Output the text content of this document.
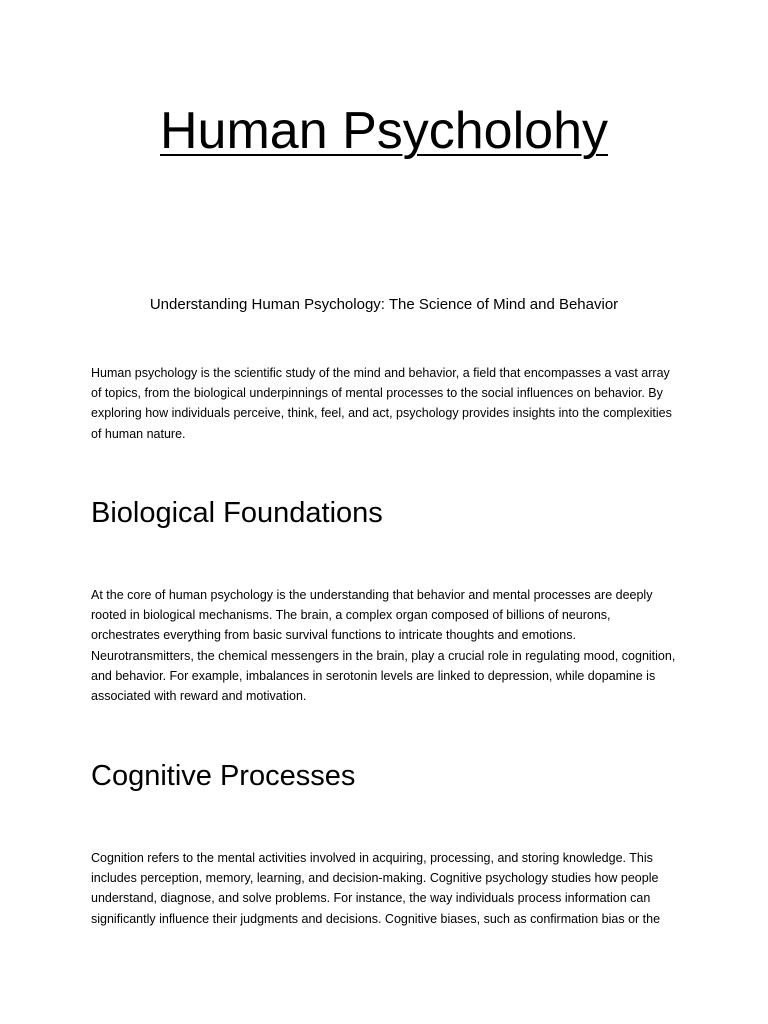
Human Psycholohy
Understanding Human Psychology: The Science of Mind and Behavior

Human psychology is the scientific study of the mind and behavior, a field that encompasses a vast array of topics, from the biological underpinnings of mental processes to the social influences on behavior. By exploring how individuals perceive, think, feel, and act, psychology provides insights into the complexities of human nature.

Biological Foundations

At the core of human psychology is the understanding that behavior and mental processes are deeply rooted in biological mechanisms. The brain, a complex organ composed of billions of neurons, orchestrates everything from basic survival functions to intricate thoughts and emotions. Neurotransmitters, the chemical messengers in the brain, play a crucial role in regulating mood, cognition, and behavior. For example, imbalances in serotonin levels are linked to depression, while dopamine is associated with reward and motivation.

Cognitive Processes

Cognition refers to the mental activities involved in acquiring, processing, and storing knowledge. This includes perception, memory, learning, and decision-making. Cognitive psychology studies how people understand, diagnose, and solve problems. For instance, the way individuals process information can significantly influence their judgments and decisions. Cognitive biases, such as confirmation bias or the
